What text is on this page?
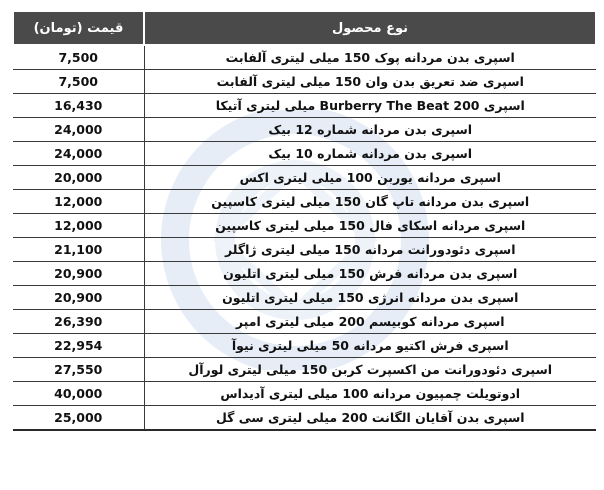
نوع محصول	قیمت (تومان)
اسپری بدن مردانه پوک 150 میلی لیتری آلفابت	7,500
اسپری ضد تعریق بدن وان 150 میلی لیتری آلفابت	7,500
اسپری Burberry The Beat 200 میلی لیتری آتیکا	16,430
اسپری بدن مردانه شماره 12 بیک	24,000
اسپری بدن مردانه شماره 10 بیک	24,000
اسپری مردانه یوربن 100 میلی لیتری اکس	20,000
اسپری بدن مردانه تاپ گان 150 میلی لیتری کاسپین	12,000
اسپری مردانه اسکای فال 150 میلی لیتری کاسپین	12,000
اسپری دئودورانت مردانه 150 میلی لیتری ژاگلر	21,100
اسپری بدن مردانه فرش 150 میلی لیتری اتلیون	20,900
اسپری بدن مردانه انرژی 150 میلی لیتری اتلیون	20,900
اسپری مردانه کوبیسم 200 میلی لیتری امپر	26,390
اسپری فرش اکتیو مردانه 50 میلی لیتری نیوآ	22,954
اسپری دئودورانت من اکسپرت کربن 150 میلی لیتری لورآل	27,550
ادوتویلت چمپیون مردانه 100 میلی لیتری آدیداس	40,000
اسپری بدن آقایان الگانت 200 میلی لیتری سی گل	25,000
